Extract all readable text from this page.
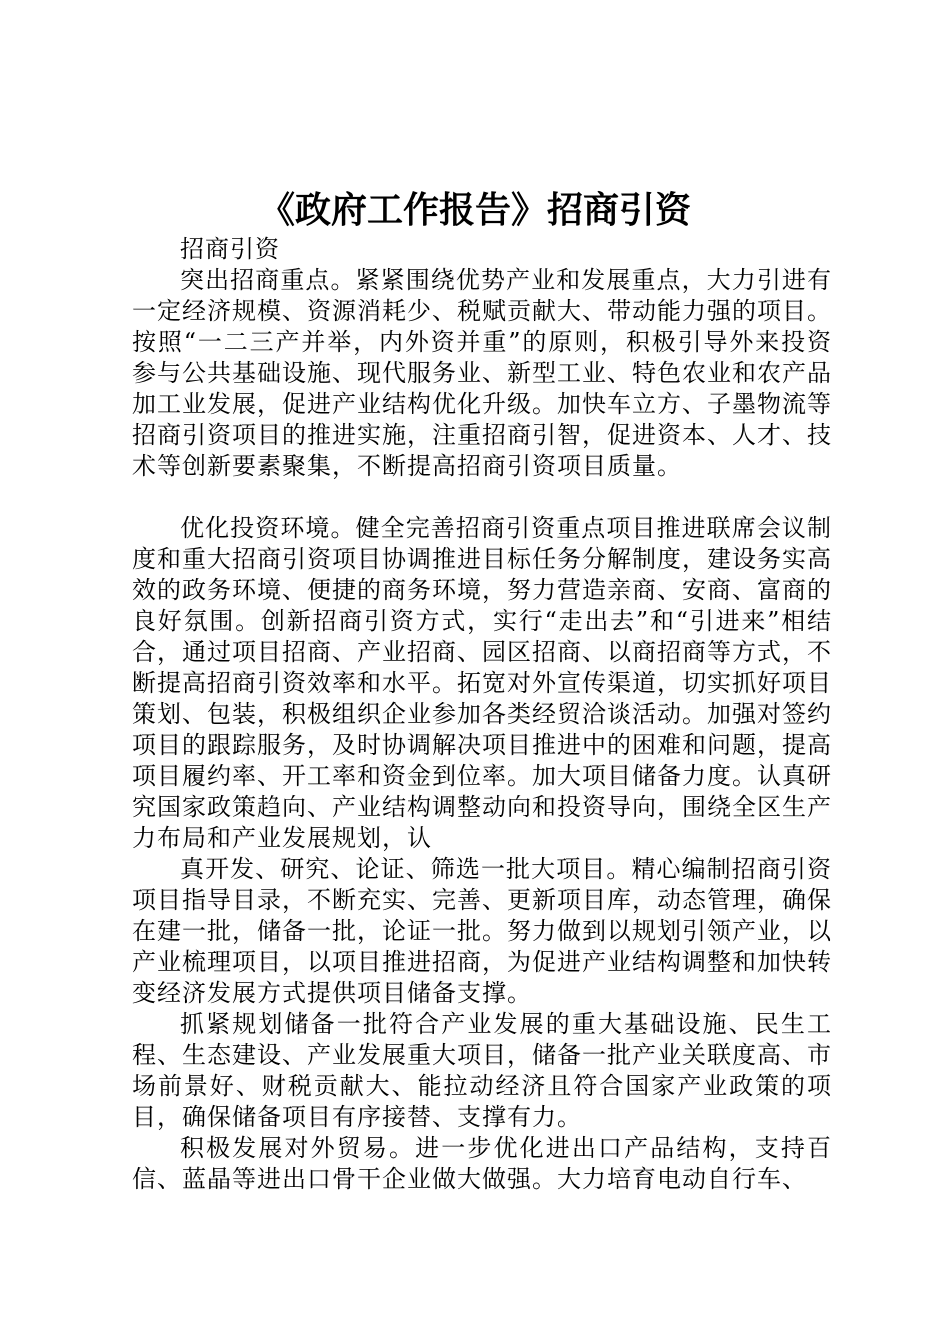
《政府工作报告》招商引资

招商引资

突出招商重点。紧紧围绕优势产业和发展重点，大力引进有一定经济规模、资源消耗少、税赋贡献大、带动能力强的项目。按照“一二三产并举，内外资并重”的原则，积极引导外来投资参与公共基础设施、现代服务业、新型工业、特色农业和农产品加工业发展，促进产业结构优化升级。加快车立方、子墨物流等招商引资项目的推进实施，注重招商引智，促进资本、人才、技术等创新要素聚集，不断提高招商引资项目质量。

优化投资环境。健全完善招商引资重点项目推进联席会议制度和重大招商引资项目协调推进目标任务分解制度，建设务实高效的政务环境、便捷的商务环境，努力营造亲商、安商、富商的良好氛围。创新招商引资方式，实行“走出去”和“引进来”相结合，通过项目招商、产业招商、园区招商、以商招商等方式，不断提高招商引资效率和水平。拓宽对外宣传渠道，切实抓好项目策划、包装，积极组织企业参加各类经贸洽谈活动。加强对签约项目的跟踪服务，及时协调解决项目推进中的困难和问题，提高项目履约率、开工率和资金到位率。加大项目储备力度。认真研究国家政策趋向、产业结构调整动向和投资导向，围绕全区生产力布局和产业发展规划，认

真开发、研究、论证、筛选一批大项目。精心编制招商引资项目指导目录，不断充实、完善、更新项目库，动态管理，确保在建一批，储备一批，论证一批。努力做到以规划引领产业，以产业梳理项目，以项目推进招商，为促进产业结构调整和加快转变经济发展方式提供项目储备支撑。

抓紧规划储备一批符合产业发展的重大基础设施、民生工程、生态建设、产业发展重大项目，储备一批产业关联度高、市场前景好、财税贡献大、能拉动经济且符合国家产业政策的项目，确保储备项目有序接替、支撑有力。

积极发展对外贸易。进一步优化进出口产品结构，支持百信、蓝晶等进出口骨干企业做大做强。大力培育电动自行车、
